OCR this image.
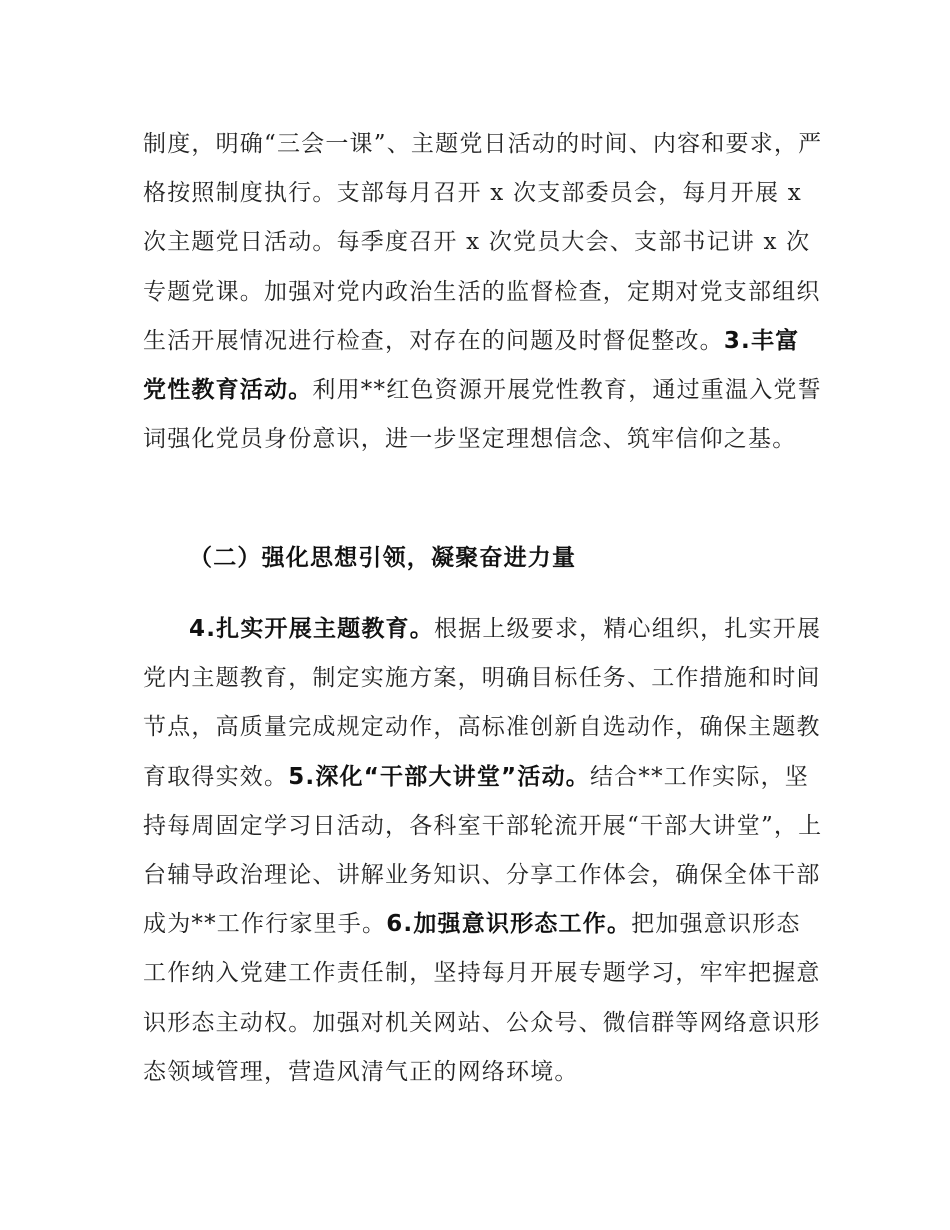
制度，明确“三会一课”、主题党日活动的时间、内容和要求，严格按照制度执行。支部每月召开 x 次支部委员会，每月开展 x 次主题党日活动。每季度召开 x 次党员大会、支部书记讲 x 次专题党课。加强对党内政治生活的监督检查，定期对党支部组织生活开展情况进行检查，对存在的问题及时督促整改。3.丰富党性教育活动。利用**红色资源开展党性教育，通过重温入党誓词强化党员身份意识，进一步坚定理想信念、筑牢信仰之基。

（二）强化思想引领，凝聚奋进力量

4.扎实开展主题教育。根据上级要求，精心组织，扎实开展党内主题教育，制定实施方案，明确目标任务、工作措施和时间节点，高质量完成规定动作，高标准创新自选动作，确保主题教育取得实效。5.深化“干部大讲堂”活动。结合**工作实际，坚持每周固定学习日活动，各科室干部轮流开展“干部大讲堂”，上台辅导政治理论、讲解业务知识、分享工作体会，确保全体干部成为**工作行家里手。6.加强意识形态工作。把加强意识形态工作纳入党建工作责任制，坚持每月开展专题学习，牢牢把握意识形态主动权。加强对机关网站、公众号、微信群等网络意识形态领域管理，营造风清气正的网络环境。
